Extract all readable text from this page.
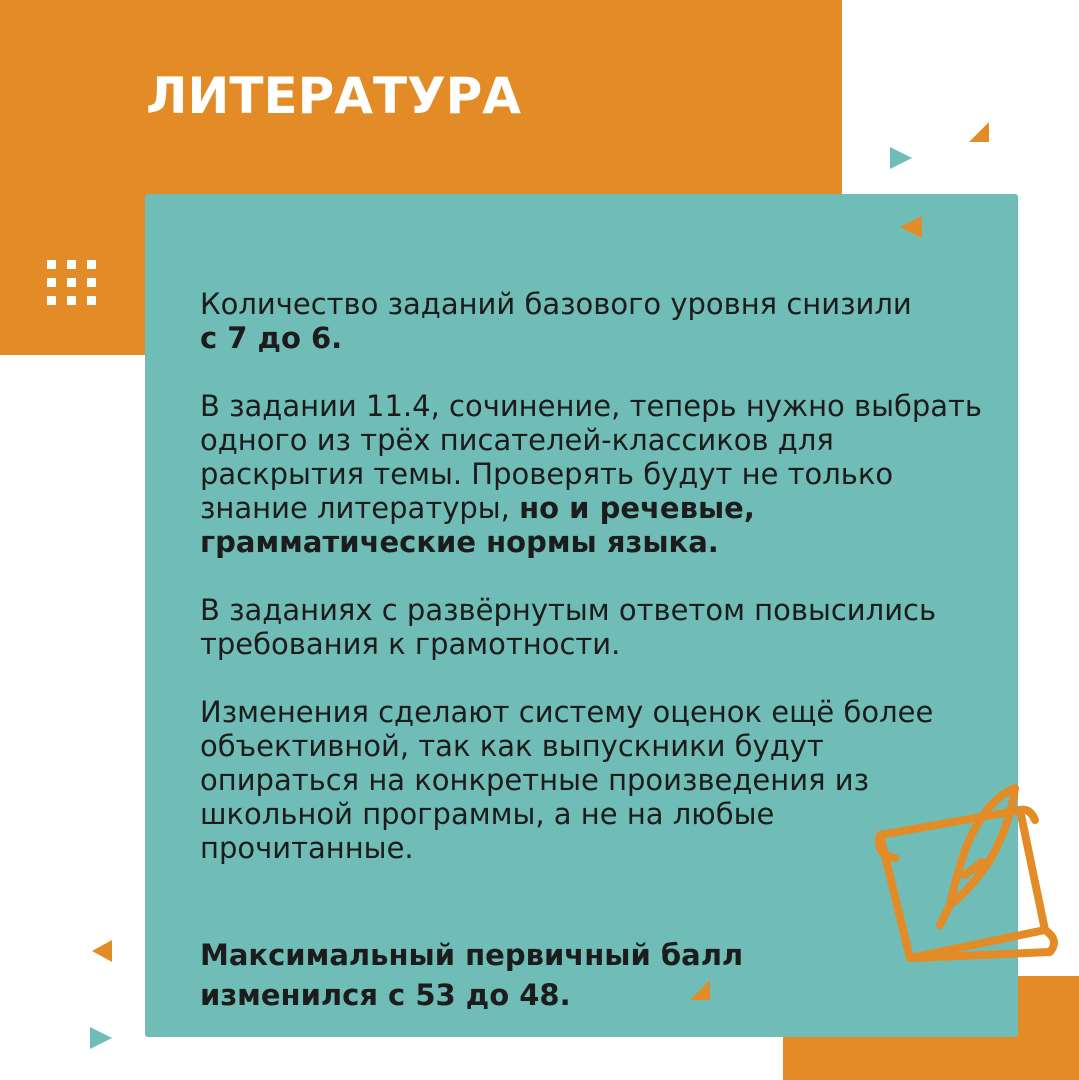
ЛИТЕРАТУРА

Количество заданий базового уровня снизили
с 7 до 6.

В задании 11.4, сочинение, теперь нужно выбрать одного из трёх писателей-классиков для раскрытия темы. Проверять будут не только знание литературы, но и речевые, грамматические нормы языка.

В заданиях с развёрнутым ответом повысились требования к грамотности.

Изменения сделают систему оценок ещё более объективной, так как выпускники будут опираться на конкретные произведения из школьной программы, а не на любые прочитанные.

Максимальный первичный балл изменился с 53 до 48.
